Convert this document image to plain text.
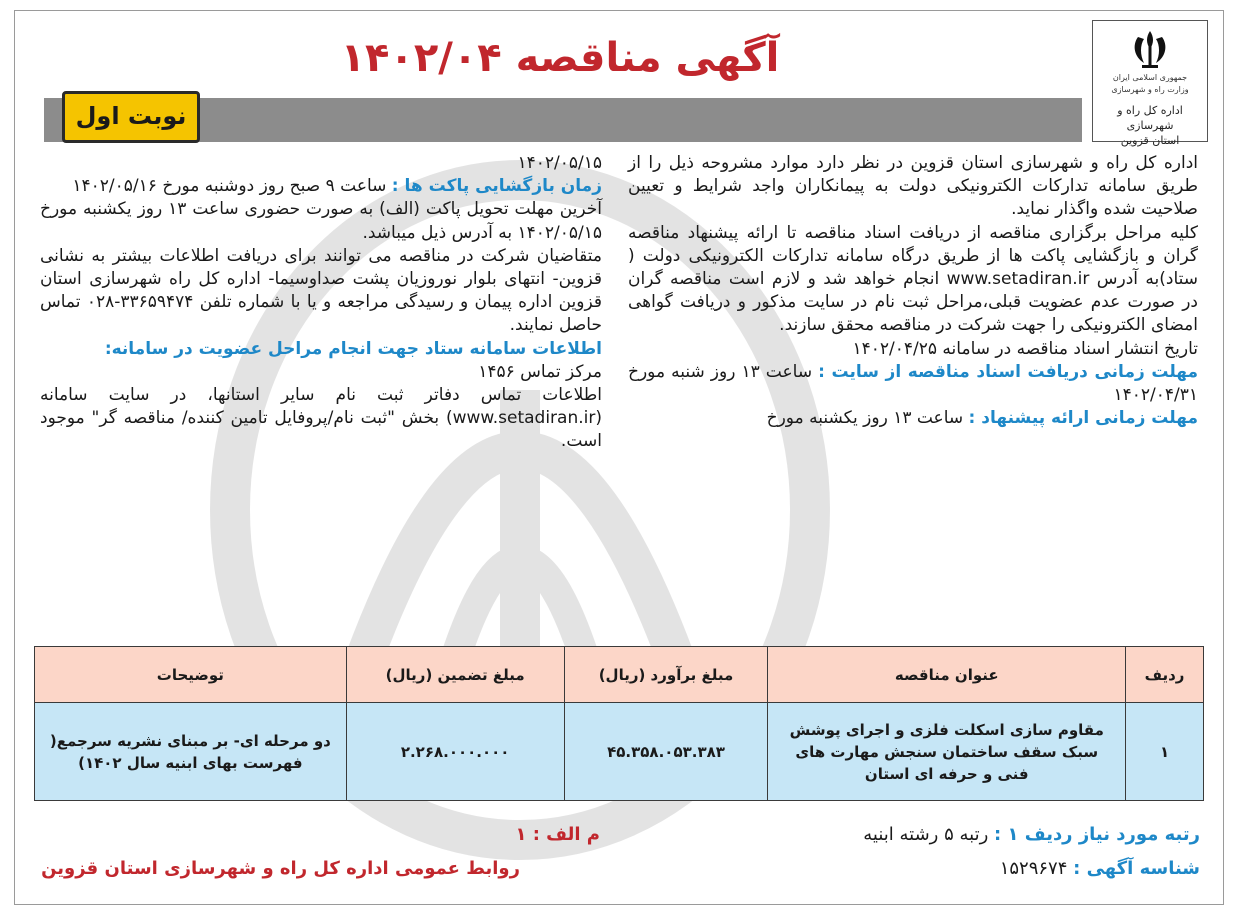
جمهوری اسلامی ایران
وزارت راه و شهرسازی
اداره کل راه و شهرسازی
استان قزوین
آگهی مناقصه ۱۴۰۲/۰۴
نوبت اول

اداره کل راه و شهرسازی استان قزوین در نظر دارد موارد مشروحه ذیل را از طریق سامانه تدارکات الکترونیکی دولت به پیمانکاران واجد شرایط و تعیین صلاحیت شده واگذار نماید.

کلیه مراحل برگزاری مناقصه از دریافت اسناد مناقصه تا ارائه پیشنهاد مناقصه گران و بازگشایی پاکت ها از طریق درگاه سامانه تدارکات الکترونیکی دولت ( ستاد)به آدرس www.setadiran.ir انجام خواهد شد و لازم است مناقصه گران در صورت عدم عضویت قبلی،مراحل ثبت نام در سایت مذکور و دریافت گواهی امضای الکترونیکی را جهت شرکت در مناقصه محقق سازند.

تاریخ انتشار اسناد مناقصه در سامانه ۱۴۰۲/۰۴/۲۵

مهلت زمانی دریافت اسناد مناقصه از سایت : ساعت ۱۳ روز شنبه مورخ ۱۴۰۲/۰۴/۳۱

مهلت زمانی ارائه پیشنهاد : ساعت ۱۳ روز یکشنبه مورخ

۱۴۰۲/۰۵/۱۵

زمان بازگشایی پاکت ها : ساعت ۹ صبح روز دوشنبه مورخ ۱۴۰۲/۰۵/۱۶

آخرین مهلت تحویل پاکت (الف) به صورت حضوری ساعت ۱۳ روز یکشنبه مورخ ۱۴۰۲/۰۵/۱۵ به آدرس ذیل میباشد.

متقاضیان شرکت در مناقصه می توانند برای دریافت اطلاعات بیشتر به نشانی قزوین- انتهای بلوار نوروزیان پشت صداوسیما- اداره کل راه شهرسازی استان قزوین اداره پیمان و رسیدگی مراجعه و یا با شماره تلفن ۳۳۶۵۹۴۷۴-۰۲۸ تماس حاصل نمایند.

اطلاعات سامانه ستاد جهت انجام مراحل عضویت در سامانه:

مرکز تماس ۱۴۵۶

اطلاعات تماس دفاتر ثبت نام سایر استانها، در سایت سامانه (www.setadiran.ir) بخش "ثبت نام/پروفایل تامین کننده/ مناقصه گر" موجود است.

ردیف	عنوان مناقصه	مبلغ برآورد (ریال)	مبلغ تضمین (ریال)	توضیحات
۱	مقاوم سازی اسکلت فلزی و اجرای پوشش سبک سقف ساختمان سنجش مهارت های فنی و حرفه ای استان	۴۵.۳۵۸.۰۵۳.۳۸۳	۲.۲۶۸.۰۰۰.۰۰۰	دو مرحله ای- بر مبنای نشریه سرجمع( فهرست بهای ابنیه سال ۱۴۰۲)
رتبه مورد نیاز ردیف ۱ : رتبه ۵ رشته ابنیه
شناسه آگهی : ۱۵۲۹۶۷۴
م الف : ۱
روابط عمومی اداره کل راه و شهرسازی استان قزوین
